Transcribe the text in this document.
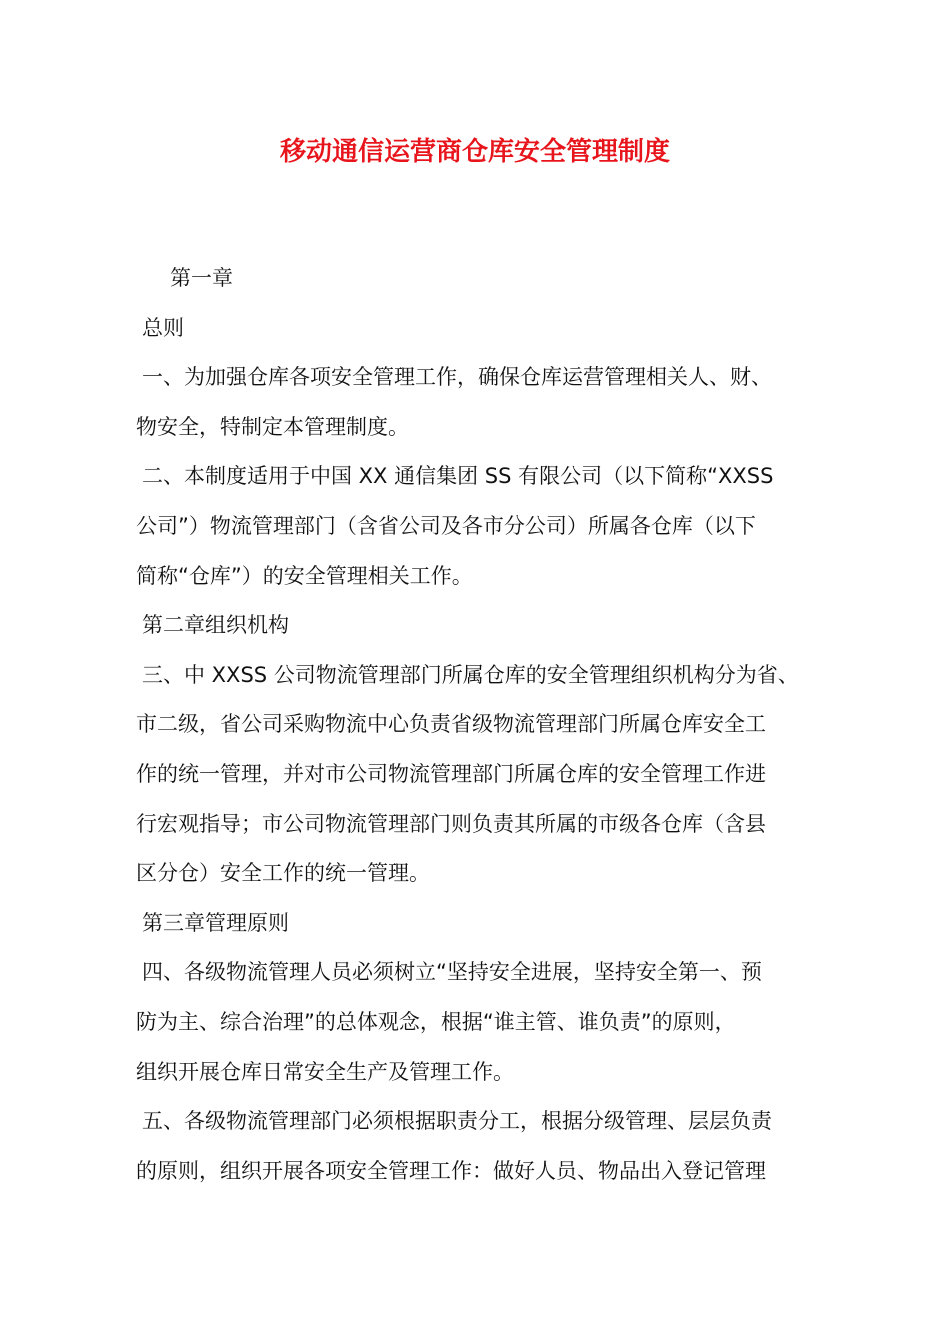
移动通信运营商仓库安全管理制度
第一章
总则
一、为加强仓库各项安全管理工作，确保仓库运营管理相关人、财、
物安全，特制定本管理制度。
二、本制度适用于中国 XX 通信集团 SS 有限公司（以下简称“XXSS
公司”）物流管理部门（含省公司及各市分公司）所属各仓库（以下
简称“仓库”）的安全管理相关工作。
第二章组织机构
三、中 XXSS 公司物流管理部门所属仓库的安全管理组织机构分为省、
市二级，省公司采购物流中心负责省级物流管理部门所属仓库安全工
作的统一管理，并对市公司物流管理部门所属仓库的安全管理工作进
行宏观指导；市公司物流管理部门则负责其所属的市级各仓库（含县
区分仓）安全工作的统一管理。
第三章管理原则
四、各级物流管理人员必须树立“坚持安全进展，坚持安全第一、预
防为主、综合治理”的总体观念，根据“谁主管、谁负责”的原则，
组织开展仓库日常安全生产及管理工作。
五、各级物流管理部门必须根据职责分工，根据分级管理、层层负责
的原则，组织开展各项安全管理工作：做好人员、物品出入登记管理
